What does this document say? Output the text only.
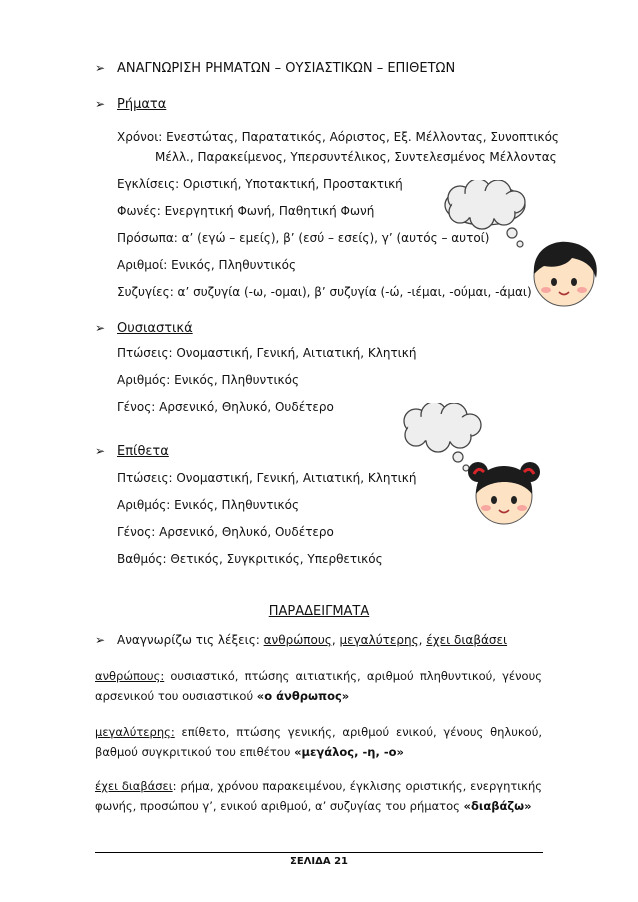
➢ ΑΝΑΓΝΩΡΙΣΗ ΡΗΜΑΤΩΝ – ΟΥΣΙΑΣΤΙΚΩΝ – ΕΠΙΘΕΤΩΝ
➢ Ρήματα
Χρόνοι: Ενεστώτας, Παρατατικός, Αόριστος, Εξ. Μέλλοντας, Συνοπτικός
Μέλλ., Παρακείμενος, Υπερσυντέλικος, Συντελεσμένος Μέλλοντας
Εγκλίσεις: Οριστική, Υποτακτική, Προστακτική
Φωνές: Ενεργητική Φωνή, Παθητική Φωνή
Πρόσωπα: α’ (εγώ – εμείς), β’ (εσύ – εσείς), γ’ (αυτός – αυτοί)
Αριθμοί: Ενικός, Πληθυντικός
Συζυγίες: α’ συζυγία (-ω, -ομαι), β’ συζυγία (-ώ, -ιέμαι, -ούμαι, -άμαι)
➢ Ουσιαστικά
Πτώσεις: Ονομαστική, Γενική, Αιτιατική, Κλητική
Αριθμός: Ενικός, Πληθυντικός
Γένος: Αρσενικό, Θηλυκό, Ουδέτερο
➢ Επίθετα
Πτώσεις: Ονομαστική, Γενική, Αιτιατική, Κλητική
Αριθμός: Ενικός, Πληθυντικός
Γένος: Αρσενικό, Θηλυκό, Ουδέτερο
Βαθμός: Θετικός, Συγκριτικός, Υπερθετικός
ΠΑΡΑΔΕΙΓΜΑΤΑ
➢ Αναγνωρίζω τις λέξεις: ανθρώπους, μεγαλύτερης, έχει διαβάσει
ανθρώπους: ουσιαστικό, πτώσης αιτιατικής, αριθμού πληθυντικού, γένους
αρσενικού του ουσιαστικού «ο άνθρωπος»
μεγαλύτερης: επίθετο, πτώσης γενικής, αριθμού ενικού, γένους θηλυκού,
βαθμού συγκριτικού του επιθέτου «μεγάλος, -η, -ο»
έχει διαβάσει: ρήμα, χρόνου παρακειμένου, έγκλισης οριστικής, ενεργητικής
φωνής, προσώπου γ’, ενικού αριθμού, α’ συζυγίας του ρήματος «διαβάζω»
ΣΕΛΙΔΑ 21
